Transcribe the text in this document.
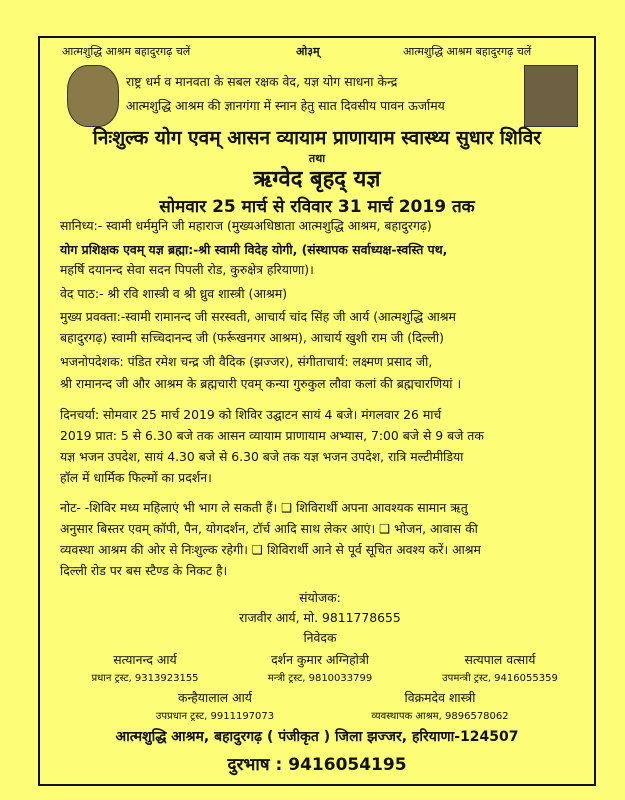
आत्मशुद्धि आश्रम बहादुरगढ़ चलें	ओ३म्	आत्मशुद्धि आश्रम बहादुरगढ़ चलें
राष्ट्र धर्म व मानवता के सबल रक्षक वेद, यज्ञ योग साधना केन्द्र
आत्मशुद्धि आश्रम की ज्ञानगंगा में स्नान हेतु सात दिवसीय पावन ऊर्जामय
निःशुल्क योग एवम् आसन व्यायाम प्राणायाम स्वास्थ्य सुधार शिविर
तथा
ऋग्वेद बृहद् यज्ञ
सोमवार 25 मार्च से रविवार 31 मार्च 2019 तक
सानिध्य:- स्वामी धर्ममुनि जी महाराज (मुख्यअधिष्ठाता आत्मशुद्धि आश्रम, बहादुरगढ़)
योग प्रशिक्षक एवम् यज्ञ ब्रह्मा:-श्री स्वामी विदेह योगी, (संस्थापक सर्वाध्यक्ष-स्वस्ति पथ,
महर्षि दयानन्द सेवा सदन पिपली रोड, कुरुक्षेत्र हरियाणा)।
वेद पाठ:- श्री रवि शास्त्री व श्री ध्रुव शास्त्री (आश्रम)
मुख्य प्रवक्ता:-स्वामी रामानन्द जी सरस्वती, आचार्य चांद सिंह जी आर्य (आत्मशुद्धि आश्रम
बहादुरगढ़) स्वामी सच्चिदानन्द जी (फर्रूखनगर आश्रम), आचार्य खुशी राम जी (दिल्ली)
भजनोपदेशक: पंडित रमेश चन्द्र जी वैदिक (झज्जर), संगीताचार्य: लक्ष्मण प्रसाद जी,
श्री रामानन्द जी और आश्रम के ब्रह्मचारी एवम् कन्या गुरुकुल लौवा कलां की ब्रह्मचारणियां ।
दिनचर्या: सोमवार 25 मार्च 2019 को शिविर उद्घाटन सायं 4 बजे। मंगलवार 26 मार्च
2019 प्रात: 5 से 6.30 बजे तक आसन व्यायाम प्राणायाम अभ्यास, 7:00 बजे से 9 बजे तक
यज्ञ भजन उपदेश, सायं 4.30 बजे से 6.30 बजे तक यज्ञ भजन उपदेश, रात्रि मल्टीमीडिया
हॉल में धार्मिक फिल्मों का प्रदर्शन।
नोट- -शिविर मध्य महिलाएं भी भाग ले सकती हैं। ❑ शिविरार्थी अपना आवश्यक सामान ऋतु
अनुसार बिस्तर एवम् कॉपी, पैन, योगदर्शन, टॉर्च आदि साथ लेकर आएं। ❑ भोजन, आवास की
व्यवस्था आश्रम की ओर से निःशुल्क रहेगी। ❑ शिविरार्थी आने से पूर्व सूचित अवश्य करें। आश्रम
दिल्ली रोड पर बस स्टैण्ड के निकट है।
संयोजक:
राजवीर आर्य, मो. 9811778655
निवेदक
सत्यानन्द आर्य
प्रधान ट्रस्ट, 9313923155
दर्शन कुमार अग्निहोत्री
मन्त्री ट्रस्ट, 9810033799
सत्यपाल वत्सार्य
उपमन्त्री ट्रस्ट, 9416055359
कन्हैयालाल आर्य
उपप्रधान ट्रस्ट, 9911197073
विक्रमदेव शास्त्री
व्यवस्थापक आश्रम, 9896578062
आत्मशुद्धि आश्रम, बहादुरगढ़ ( पंजीकृत ) जिला झज्जर, हरियाणा-124507
दुरभाष : 9416054195
